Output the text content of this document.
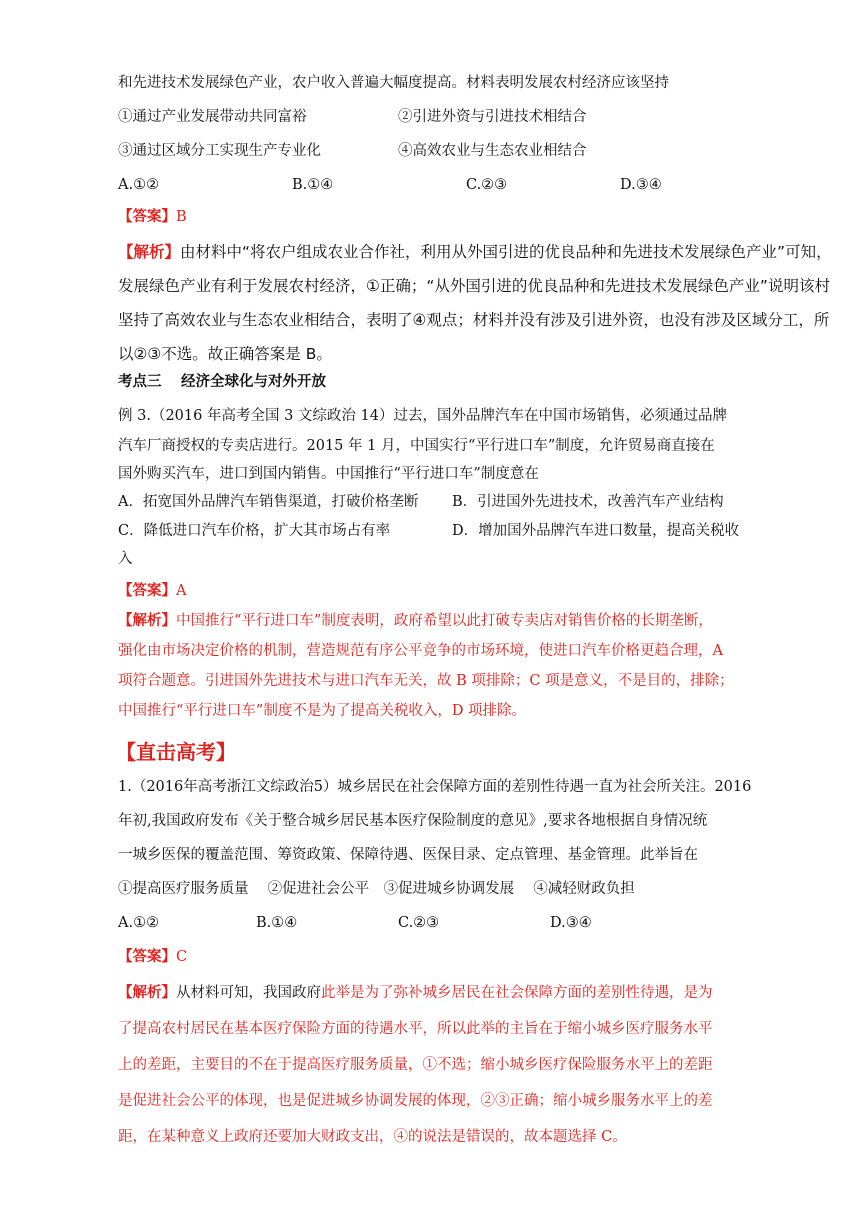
和先进技术发展绿色产业，农户收入普遍大幅度提高。材料表明发展农村经济应该坚持
①通过产业发展带动共同富裕	②引进外资与引进技术相结合
③通过区域分工实现生产专业化	④高效农业与生态农业相结合
A.①②	B.①④	C.②③	D.③④
【答案】B
【解析】由材料中“将农户组成农业合作社，利用从外国引进的优良品种和先进技术发展绿色产业”可知，
发展绿色产业有利于发展农村经济，①正确；“从外国引进的优良品种和先进技术发展绿色产业”说明该村
坚持了高效农业与生态农业相结合，表明了④观点；材料并没有涉及引进外资，也没有涉及区域分工，所
以②③不选。故正确答案是 B。
考点三　 经济全球化与对外开放
例 3.（2016 年高考全国 3 文综政治 14）过去，国外品牌汽车在中国市场销售，必须通过品牌
汽车厂商授权的专卖店进行。2015 年 1 月，中国实行“平行进口车”制度，允许贸易商直接在
国外购买汽车，进口到国内销售。中国推行“平行进口车”制度意在
A．拓宽国外品牌汽车销售渠道，打破价格垄断 B．引进国外先进技术，改善汽车产业结构
C．降低进口汽车价格，扩大其市场占有率	D．增加国外品牌汽车进口数量，提高关税收
入
【答案】A
【解析】中国推行“平行进口车”制度表明，政府希望以此打破专卖店对销售价格的长期垄断，
强化由市场决定价格的机制，营造规范有序公平竞争的市场环境，使进口汽车价格更趋合理，A
项符合题意。引进国外先进技术与进口汽车无关，故 B 项排除；C 项是意义，不是目的，排除；
中国推行“平行进口车”制度不是为了提高关税收入，D 项排除。
【直击高考】
1.（2016年高考浙江文综政治5）城乡居民在社会保障方面的差别性待遇一直为社会所关注。2016
年初,我国政府发布《关于整合城乡居民基本医疗保险制度的意见》,要求各地根据自身情况统
一城乡医保的覆盖范围、筹资政策、保障待遇、医保目录、定点管理、基金管理。此举旨在
①提高医疗服务质量　 ②促进社会公平　③促进城乡协调发展　 ④减轻财政负担
A.①②	B.①④	C.②③	D.③④
【答案】C
【解析】从材料可知，我国政府此举是为了弥补城乡居民在社会保障方面的差别性待遇，是为
了提高农村居民在基本医疗保险方面的待遇水平，所以此举的主旨在于缩小城乡医疗服务水平
上的差距，主要目的不在于提高医疗服务质量，①不选；缩小城乡医疗保险服务水平上的差距
是促进社会公平的体现，也是促进城乡协调发展的体现，②③正确；缩小城乡服务水平上的差
距，在某种意义上政府还要加大财政支出，④的说法是错误的，故本题选择 C。
